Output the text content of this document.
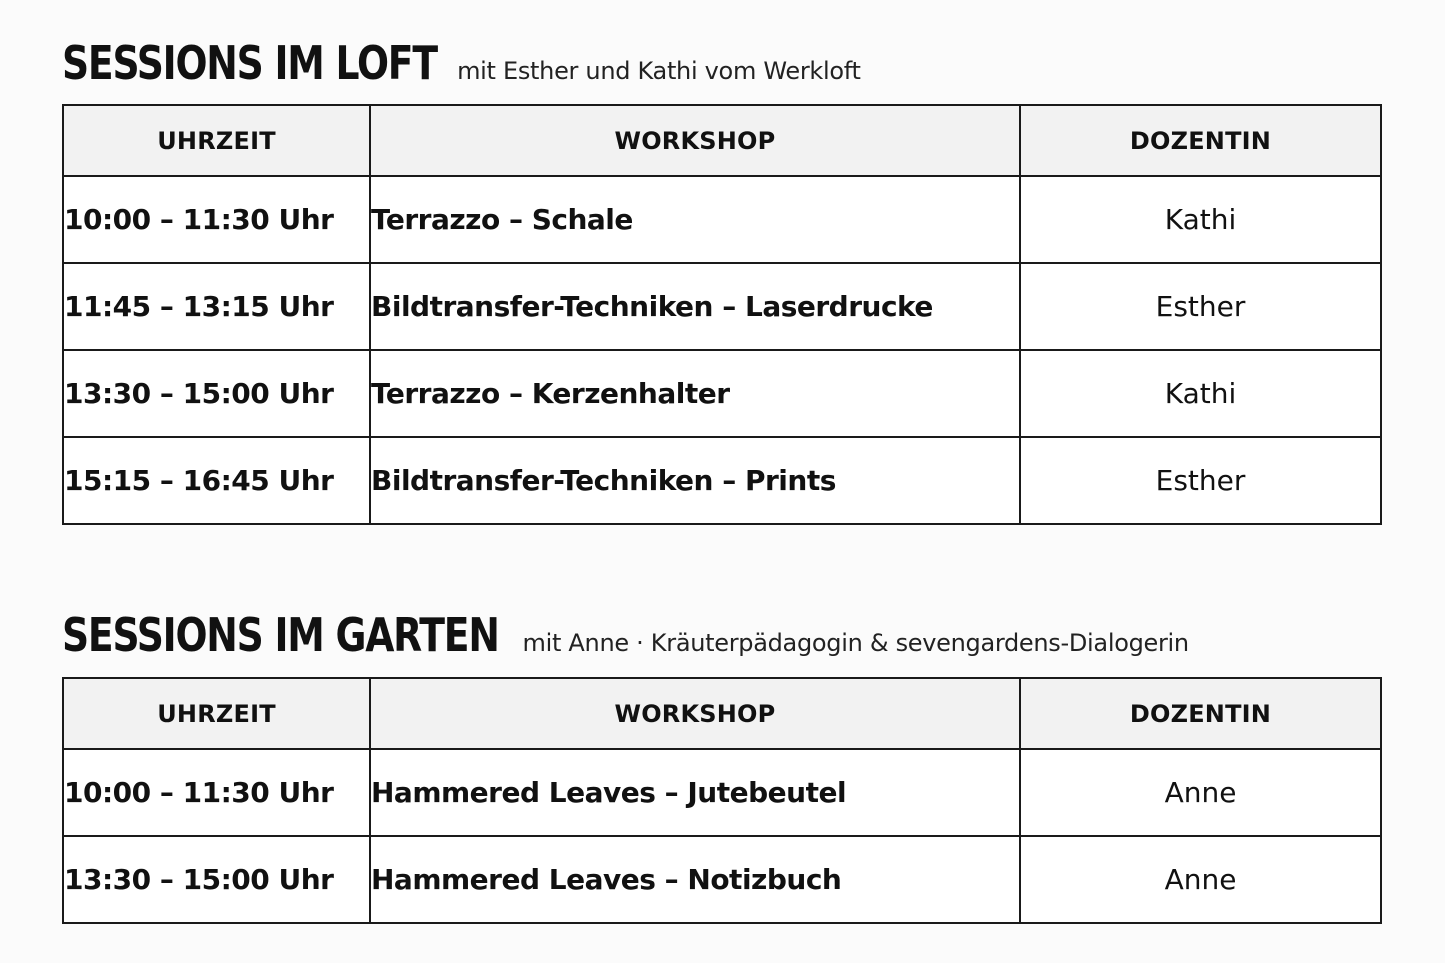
SESSIONS IM LOFT mit Esther und Kathi vom Werkloft
UHRZEIT	WORKSHOP	DOZENTIN
10:00 – 11:30 Uhr	Terrazzo – Schale	Kathi
11:45 – 13:15 Uhr	Bildtransfer-Techniken – Laserdrucke	Esther
13:30 – 15:00 Uhr	Terrazzo – Kerzenhalter	Kathi
15:15 – 16:45 Uhr	Bildtransfer-Techniken – Prints	Esther
SESSIONS IM GARTEN mit Anne · Kräuterpädagogin & sevengardens-Dialogerin
UHRZEIT	WORKSHOP	DOZENTIN
10:00 – 11:30 Uhr	Hammered Leaves – Jutebeutel	Anne
13:30 – 15:00 Uhr	Hammered Leaves – Notizbuch	Anne
